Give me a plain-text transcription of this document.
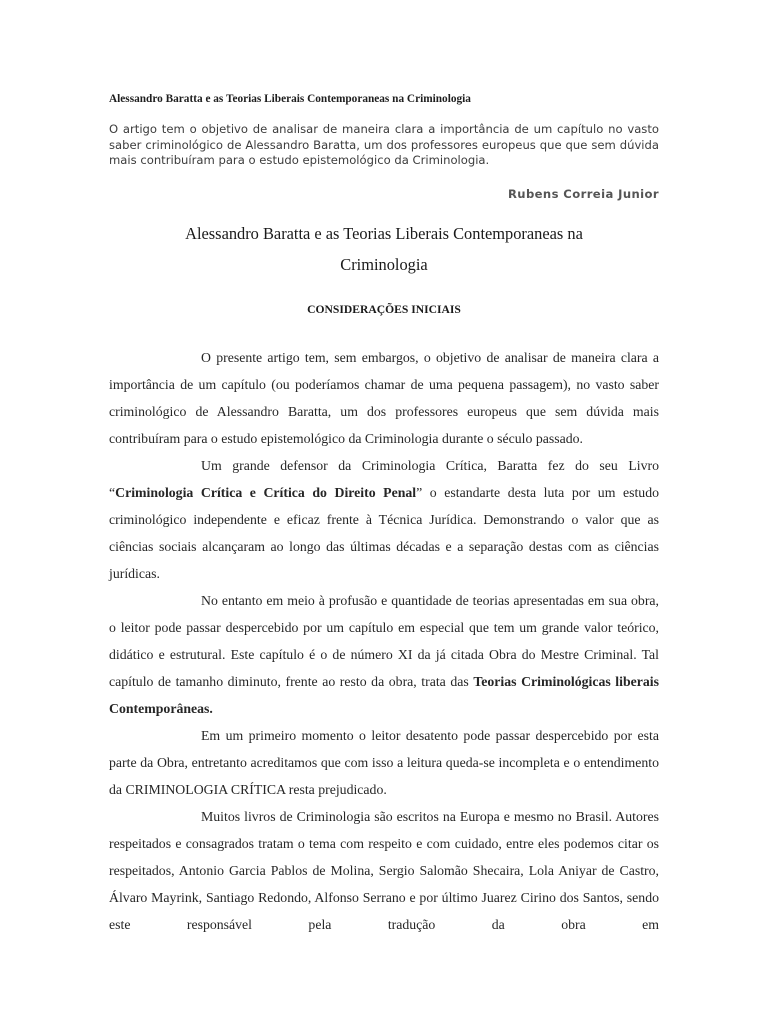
Alessandro Baratta e as Teorias Liberais Contemporaneas na Criminologia
O artigo tem o objetivo de analisar de maneira clara a importância de um capítulo no vasto saber criminológico de Alessandro Baratta, um dos professores europeus que que sem dúvida mais contribuíram para o estudo epistemológico da Criminologia.
Rubens Correia Junior
Alessandro Baratta e as Teorias Liberais Contemporaneas na
Criminologia
CONSIDERAÇÕES INICIAIS

O presente artigo tem, sem embargos, o objetivo de analisar de maneira clara a importância de um capítulo (ou poderíamos chamar de uma pequena passagem), no vasto saber criminológico de Alessandro Baratta, um dos professores europeus que sem dúvida mais contribuíram para o estudo epistemológico da Criminologia durante o século passado.

Um grande defensor da Criminologia Crítica, Baratta fez do seu Livro “Criminologia Crítica e Crítica do Direito Penal” o estandarte desta luta por um estudo criminológico independente e eficaz frente à Técnica Jurídica. Demonstrando o valor que as ciências sociais alcançaram ao longo das últimas décadas e a separação destas com as ciências jurídicas.

No entanto em meio à profusão e quantidade de teorias apresentadas em sua obra, o leitor pode passar despercebido por um capítulo em especial que tem um grande valor teórico, didático e estrutural. Este capítulo é o de número XI da já citada Obra do Mestre Criminal. Tal capítulo de tamanho diminuto, frente ao resto da obra, trata das Teorias Criminológicas liberais Contemporâneas.

Em um primeiro momento o leitor desatento pode passar despercebido por esta parte da Obra, entretanto acreditamos que com isso a leitura queda-se incompleta e o entendimento da CRIMINOLOGIA CRÍTICA resta prejudicado.

Muitos livros de Criminologia são escritos na Europa e mesmo no Brasil. Autores respeitados e consagrados tratam o tema com respeito e com cuidado, entre eles podemos citar os respeitados, Antonio Garcia Pablos de Molina, Sergio Salomão Shecaira, Lola Aniyar de Castro, Álvaro Mayrink, Santiago Redondo, Alfonso Serrano e por último Juarez Cirino dos Santos, sendo este responsável pela tradução da obra em
